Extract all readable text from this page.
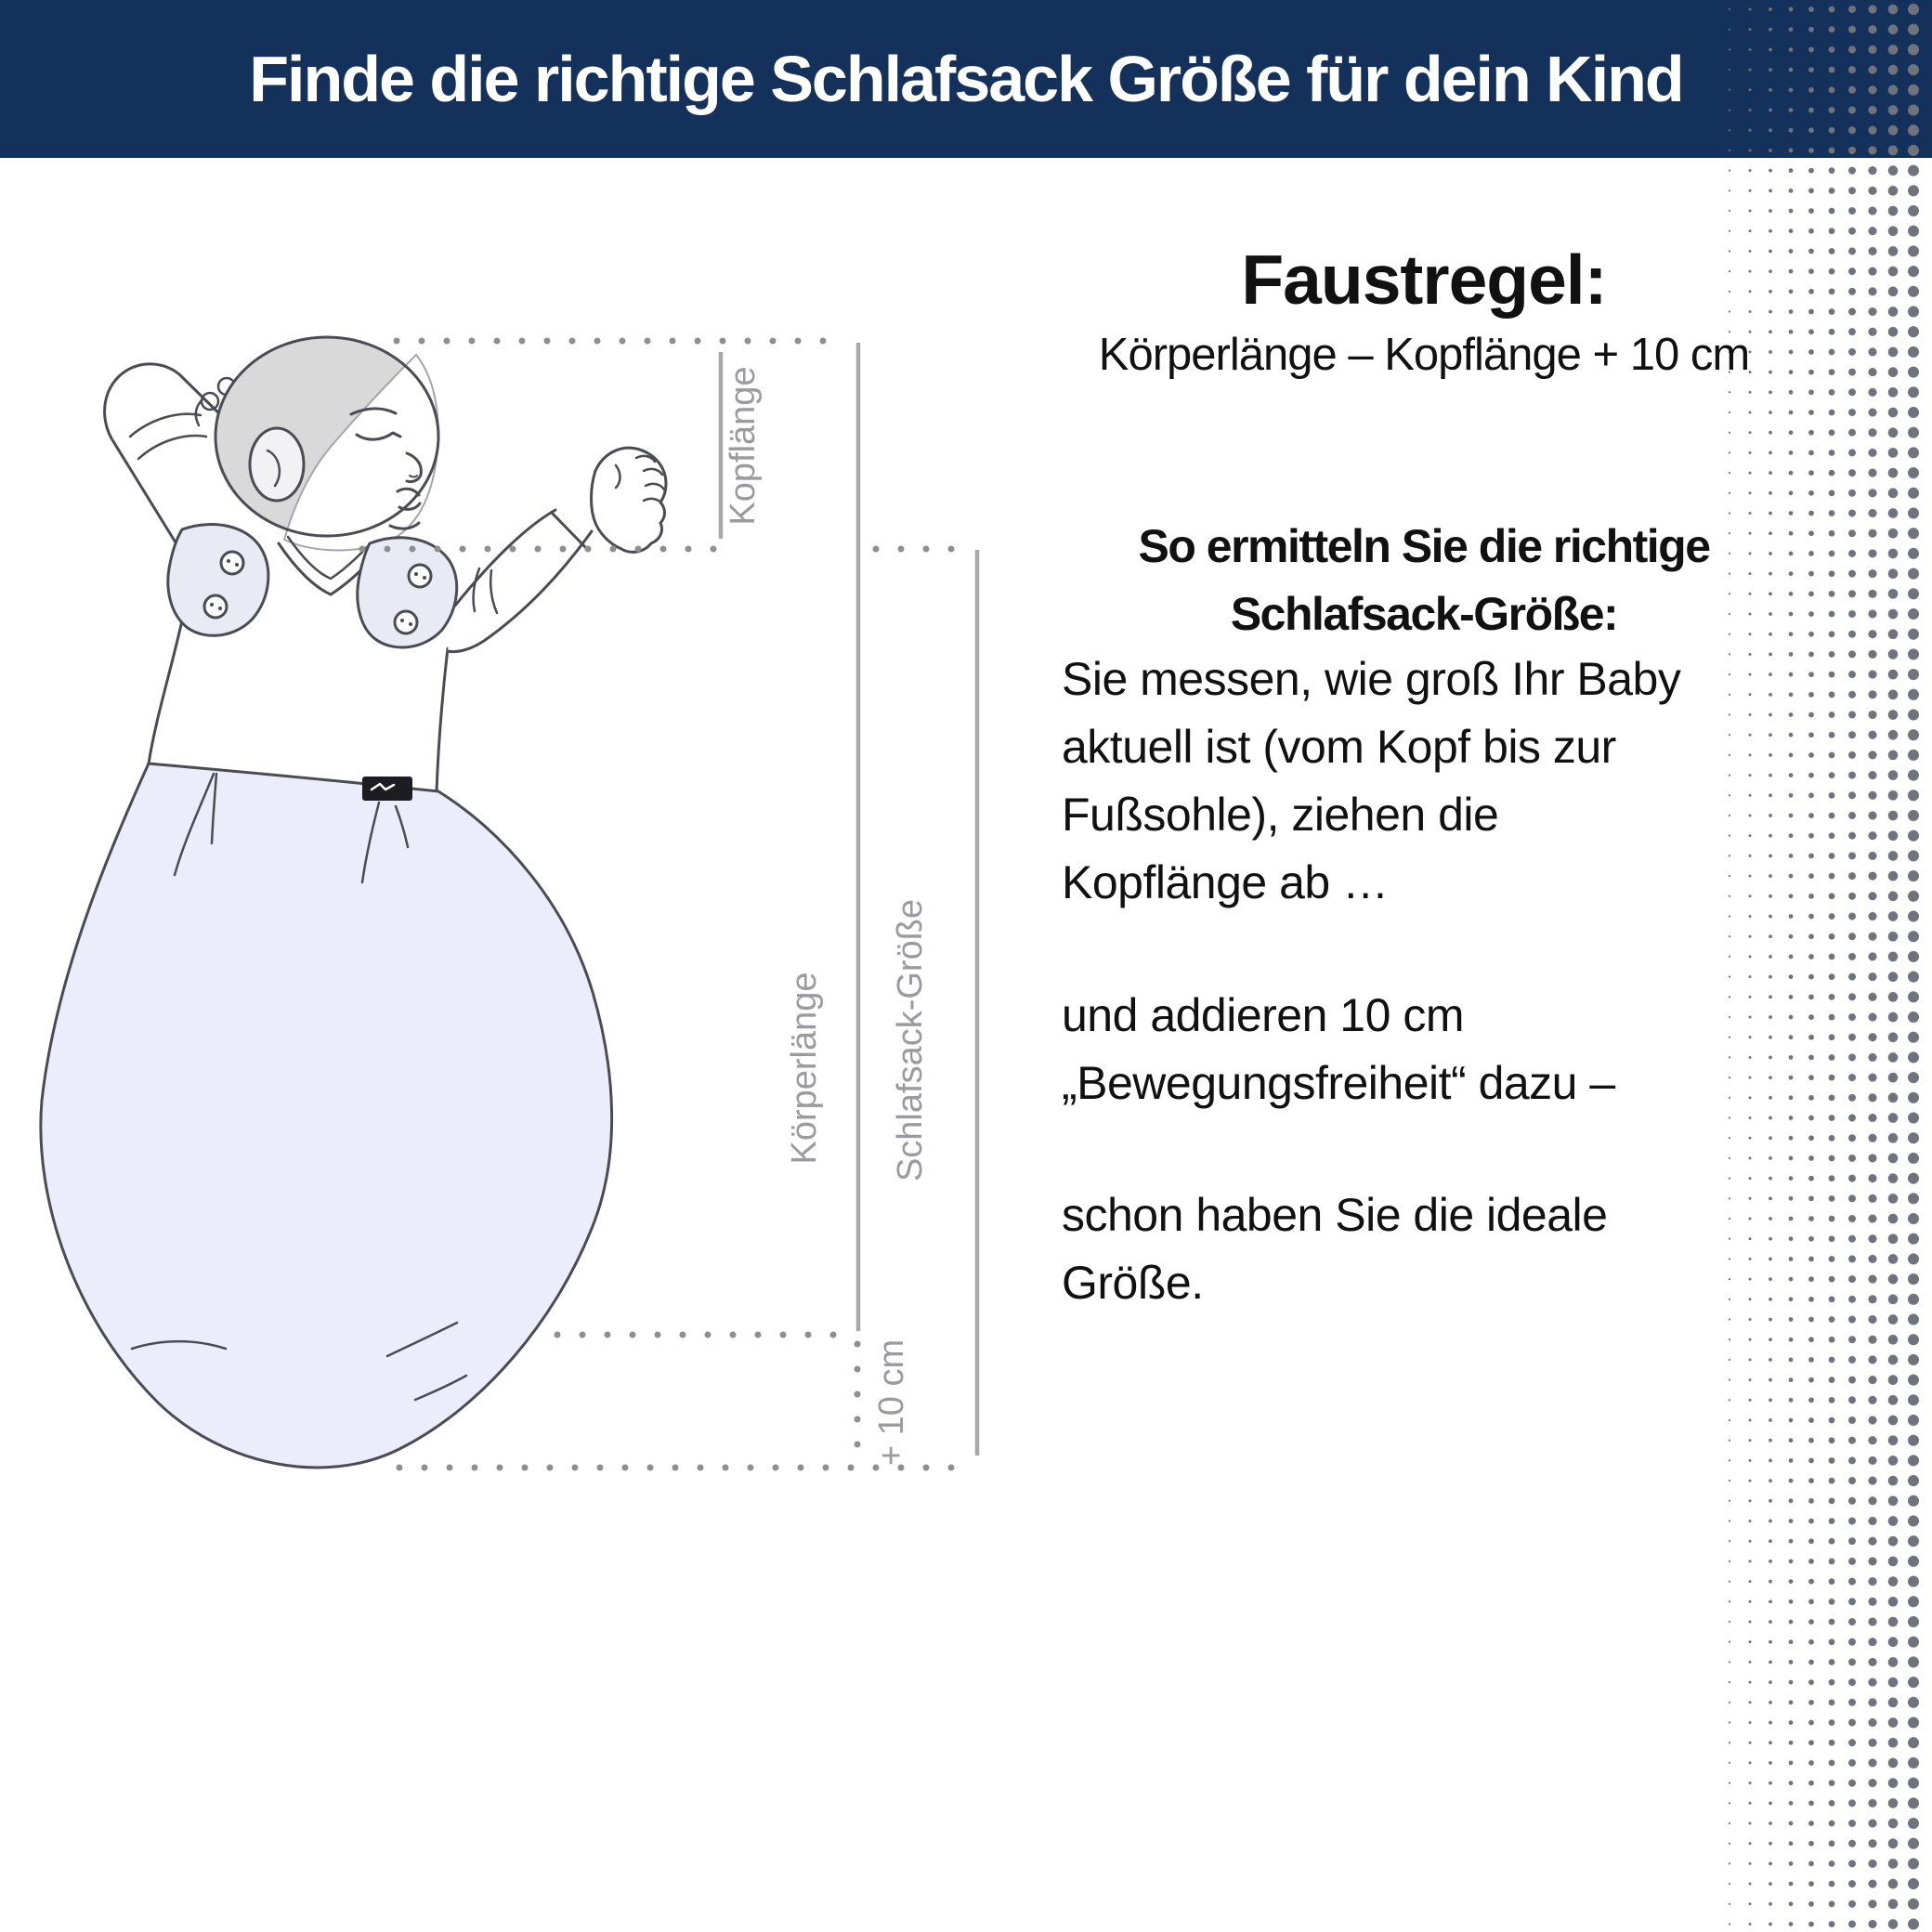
Finde die richtige Schlafsack Größe für dein Kind
Kopflänge
Körperlänge Schlafsack-Größe
+ 10 cm
Faustregel:
Körperlänge – Kopflänge + 10 cm
So ermitteln Sie die richtige
Schlafsack-Größe:
Sie messen, wie groß Ihr Baby
aktuell ist (vom Kopf bis zur
Fußsohle), ziehen die
Kopflänge ab …
und addieren 10 cm
„Bewegungsfreiheit“ dazu –
schon haben Sie die ideale
Größe.
